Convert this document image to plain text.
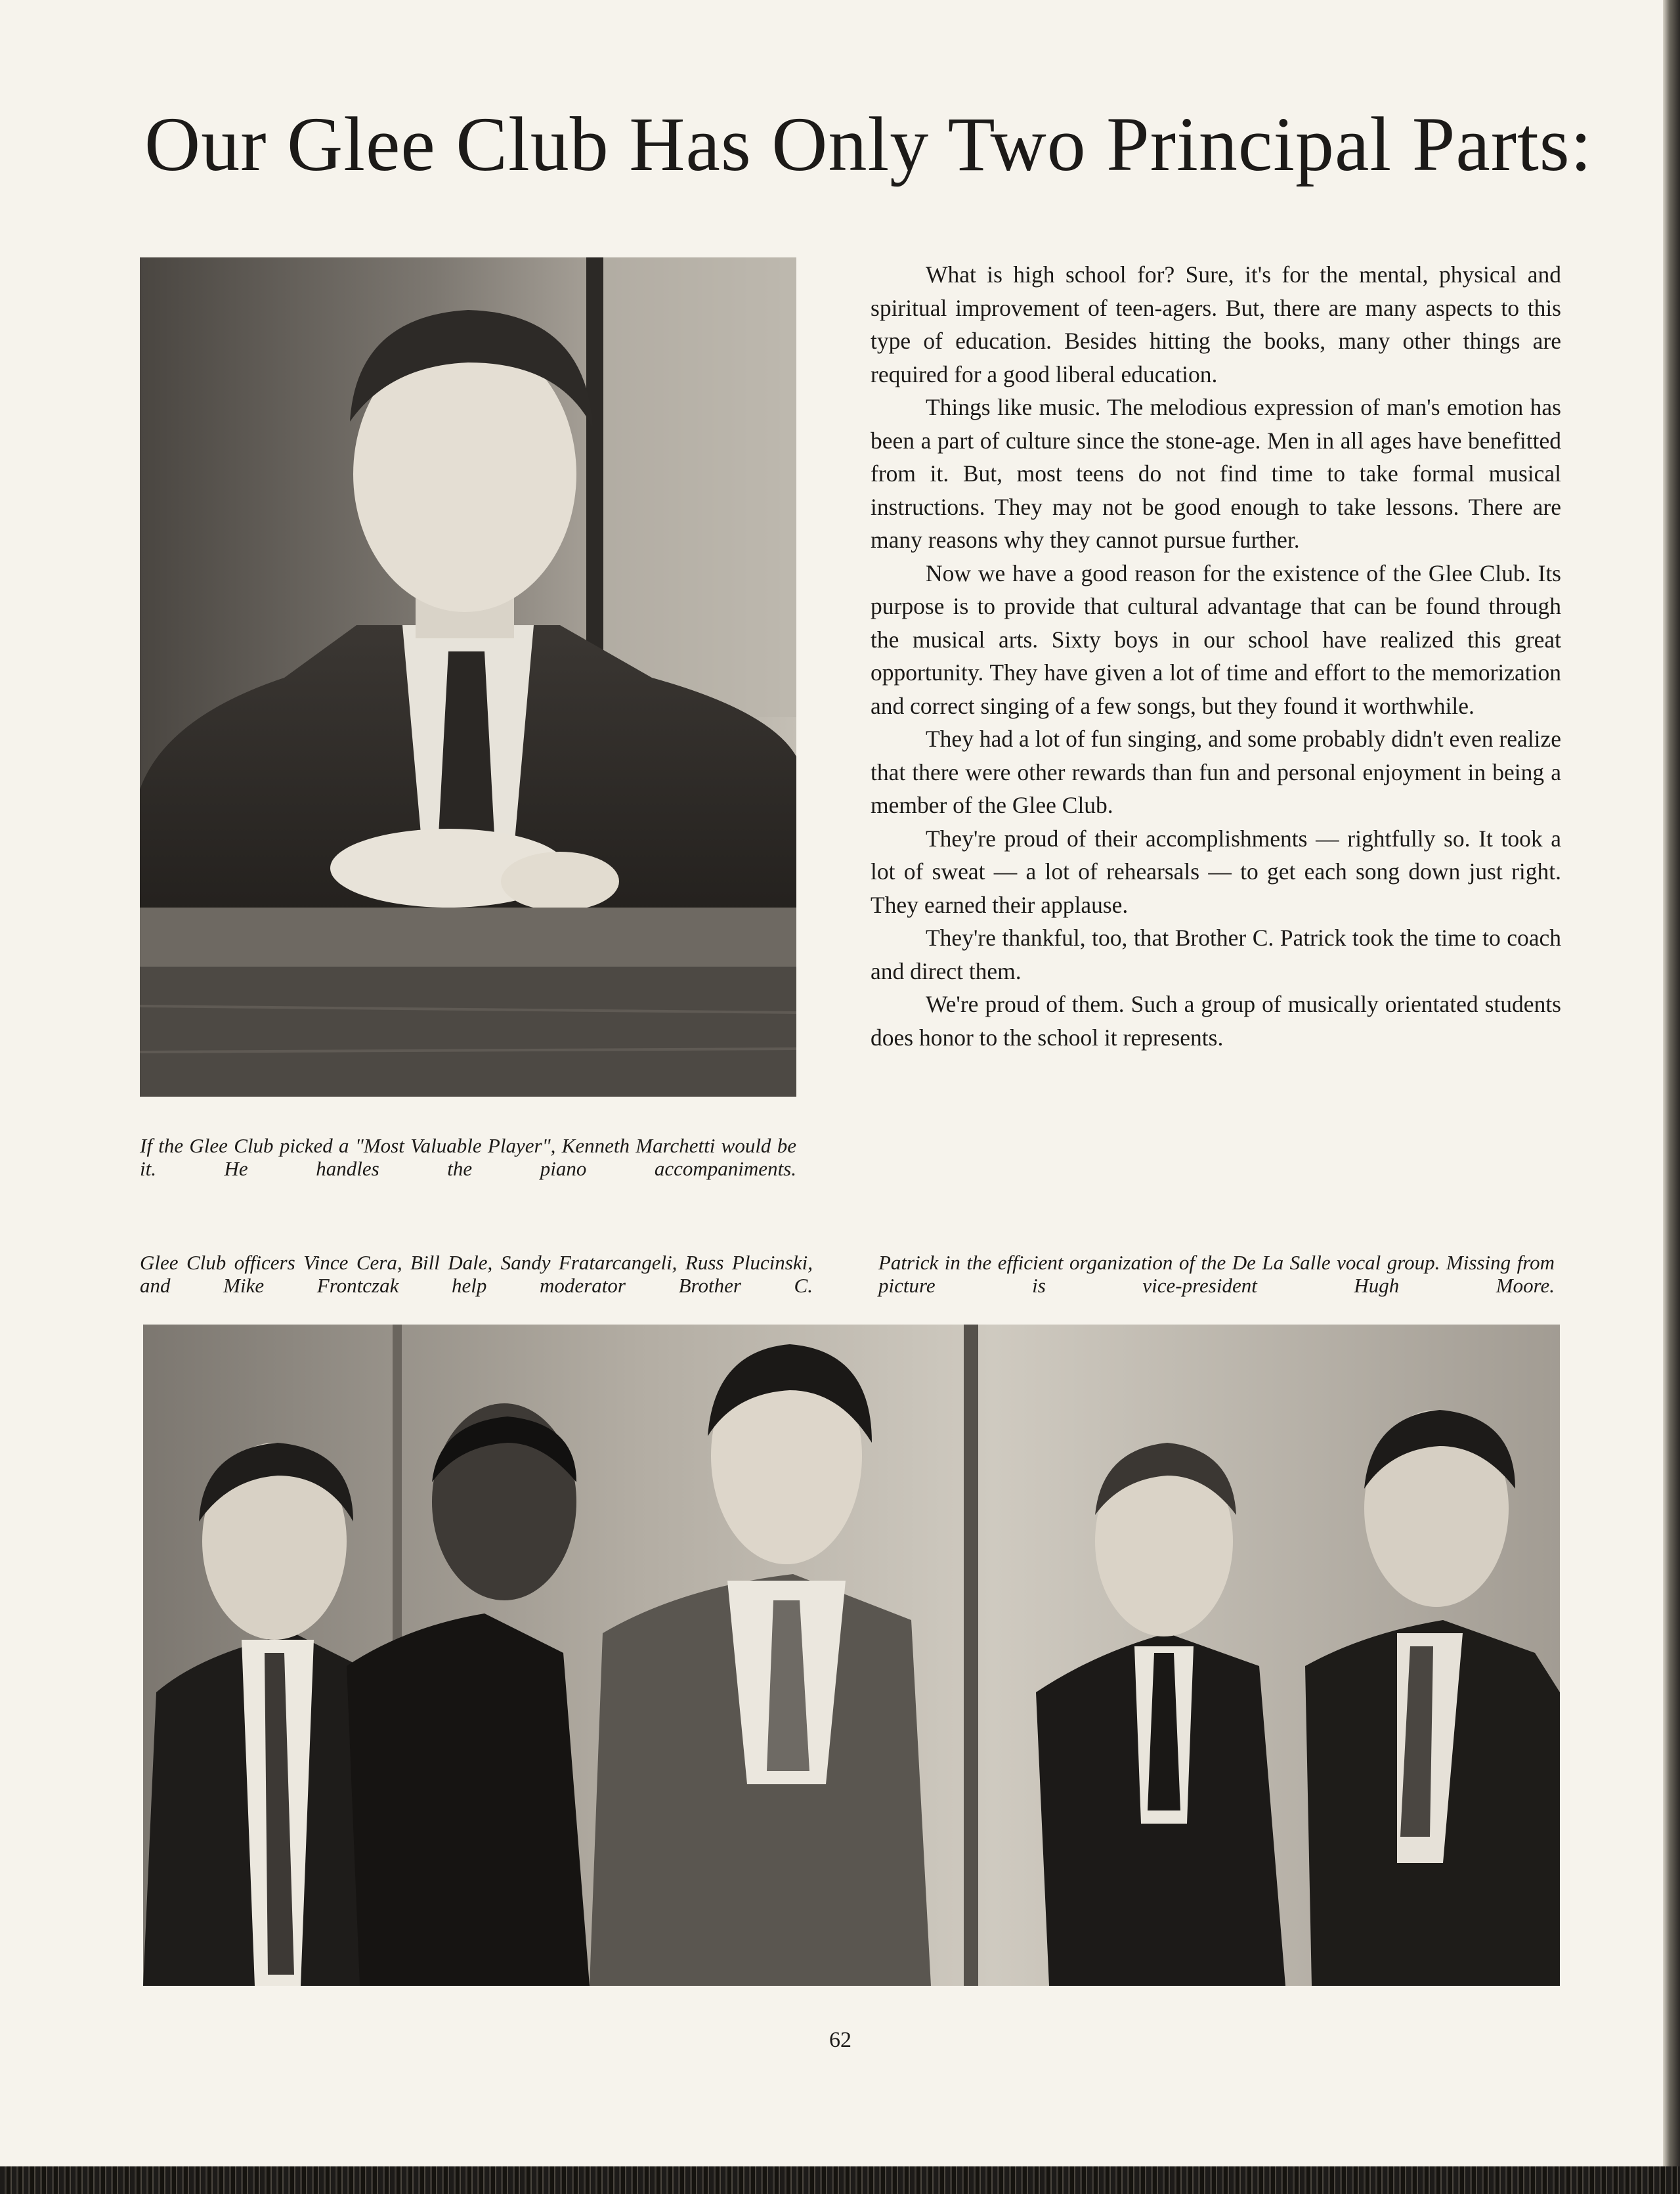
Our Glee Club Has Only Two Principal Parts:

What is high school for? Sure, it's for the mental, physical and spiritual improvement of teen-agers. But, there are many aspects to this type of education. Besides hitting the books, many other things are required for a good liberal education.

Things like music. The melodious expression of man's emotion has been a part of culture since the stone-age. Men in all ages have benefitted from it. But, most teens do not find time to take formal musical instructions. They may not be good enough to take lessons. There are many reasons why they cannot pursue further.

Now we have a good reason for the existence of the Glee Club. Its purpose is to provide that cultural advantage that can be found through the musical arts. Sixty boys in our school have realized this great opportunity. They have given a lot of time and effort to the memorization and correct singing of a few songs, but they found it worthwhile.

They had a lot of fun singing, and some probably didn't even realize that there were other rewards than fun and personal enjoyment in being a member of the Glee Club.

They're proud of their accomplishments — rightfully so. It took a lot of sweat — a lot of rehearsals — to get each song down just right. They earned their applause.

They're thankful, too, that Brother C. Patrick took the time to coach and direct them.

We're proud of them. Such a group of musically orientated students does honor to the school it represents.

If the Glee Club picked a "Most Valuable Player", Kenneth Marchetti would be it. He handles the piano accompaniments.

Glee Club officers Vince Cera, Bill Dale, Sandy Fratarcangeli, Russ Plucinski, and Mike Frontczak help moderator Brother C.

Patrick in the efficient organization of the De La Salle vocal group. Missing from picture is vice-president Hugh Moore.

62
